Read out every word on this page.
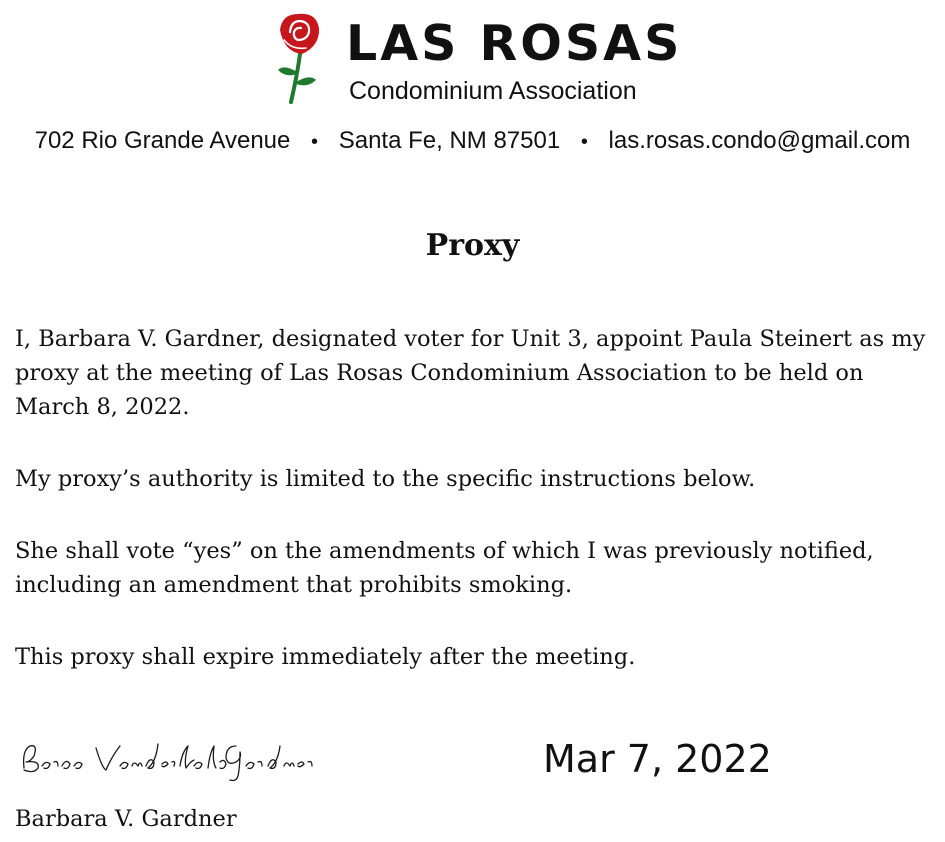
LAS ROSAS
Condominium Association
702 Rio Grande Avenue • Santa Fe, NM 87501 • las.rosas.condo@gmail.com
Proxy

I, Barbara V. Gardner, designated voter for Unit 3, appoint Paula Steinert as my proxy at the meeting of Las Rosas Condominium Association to be held on March 8, 2022.

My proxy’s authority is limited to the specific instructions below.

She shall vote “yes” on the amendments of which I was previously notified, including an amendment that prohibits smoking.

This proxy shall expire immediately after the meeting.

Mar 7, 2022
Barbara V. Gardner
